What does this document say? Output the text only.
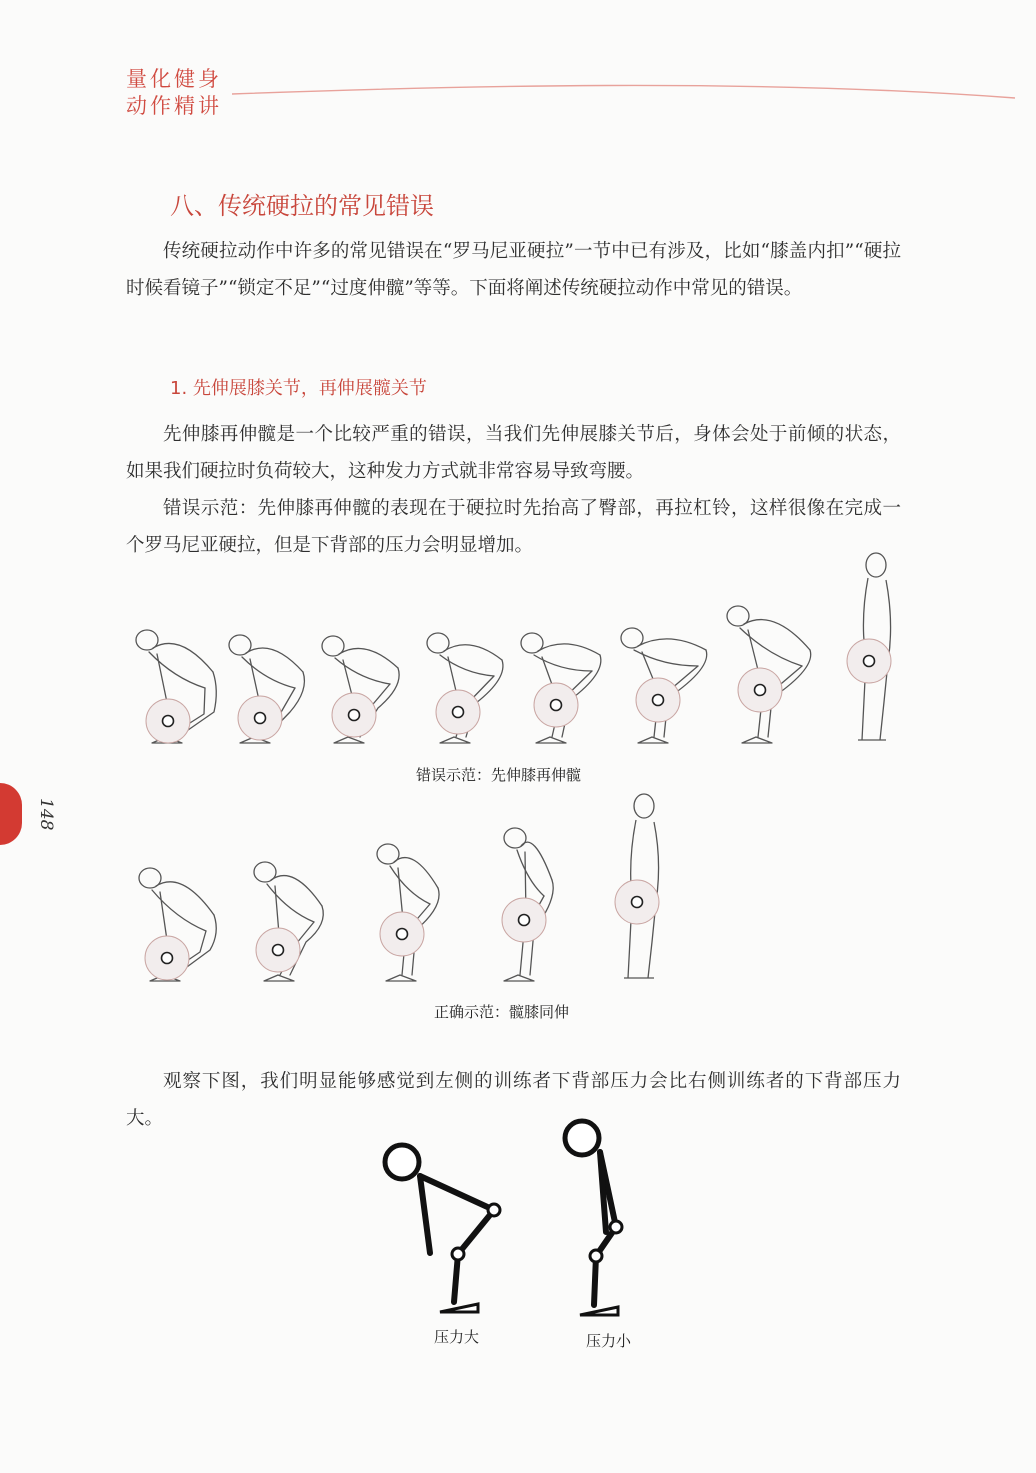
量化健身
动作精讲
148
八、传统硬拉的常见错误

传统硬拉动作中许多的常见错误在“罗马尼亚硬拉”一节中已有涉及，比如“膝盖内扣”“硬拉时候看镜子”“锁定不足”“过度伸髋”等等。下面将阐述传统硬拉动作中常见的错误。

1. 先伸展膝关节，再伸展髋关节

先伸膝再伸髋是一个比较严重的错误，当我们先伸展膝关节后，身体会处于前倾的状态，如果我们硬拉时负荷较大，这种发力方式就非常容易导致弯腰。

错误示范：先伸膝再伸髋的表现在于硬拉时先抬高了臀部，再拉杠铃，这样很像在完成一个罗马尼亚硬拉，但是下背部的压力会明显增加。

错误示范：先伸膝再伸髋
正确示范：髋膝同伸

观察下图，我们明显能够感觉到左侧的训练者下背部压力会比右侧训练者的下背部压力大。

压力大	压力小
